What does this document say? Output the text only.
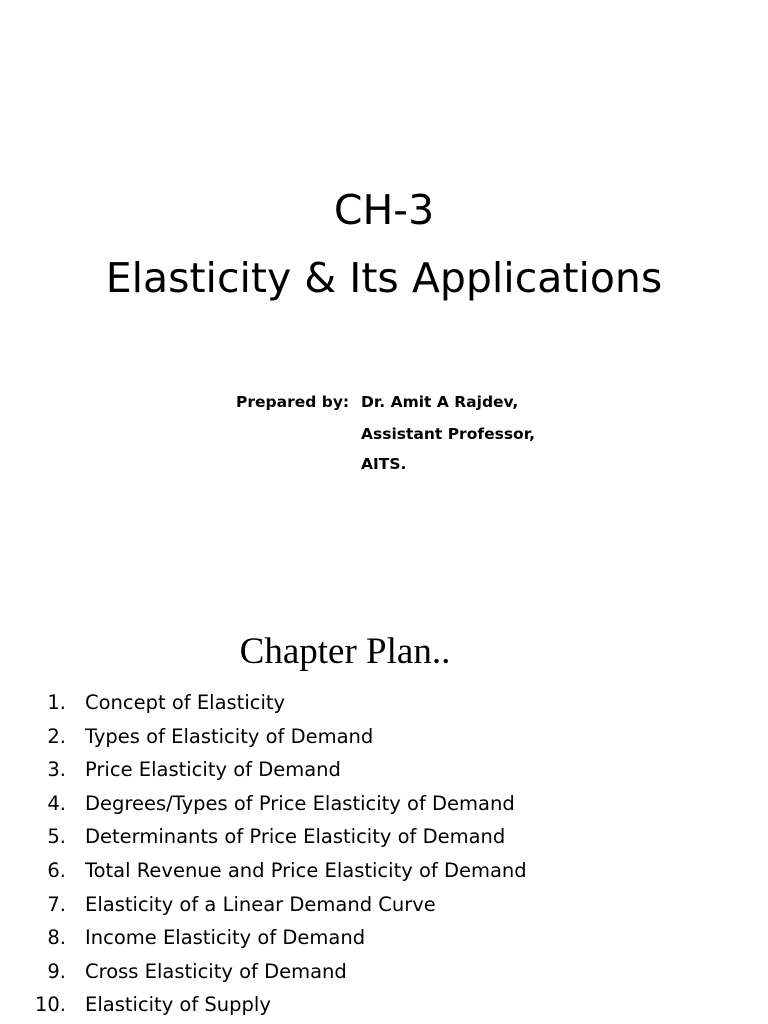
CH-3
Elasticity & Its Applications
Prepared by: Dr. Amit A Rajdev,
Assistant Professor,
AITS.
Chapter Plan..
1. Concept of Elasticity
2. Types of Elasticity of Demand
3. Price Elasticity of Demand
4. Degrees/Types of Price Elasticity of Demand
5. Determinants of Price Elasticity of Demand
6. Total Revenue and Price Elasticity of Demand
7. Elasticity of a Linear Demand Curve
8. Income Elasticity of Demand
9. Cross Elasticity of Demand
10. Elasticity of Supply
